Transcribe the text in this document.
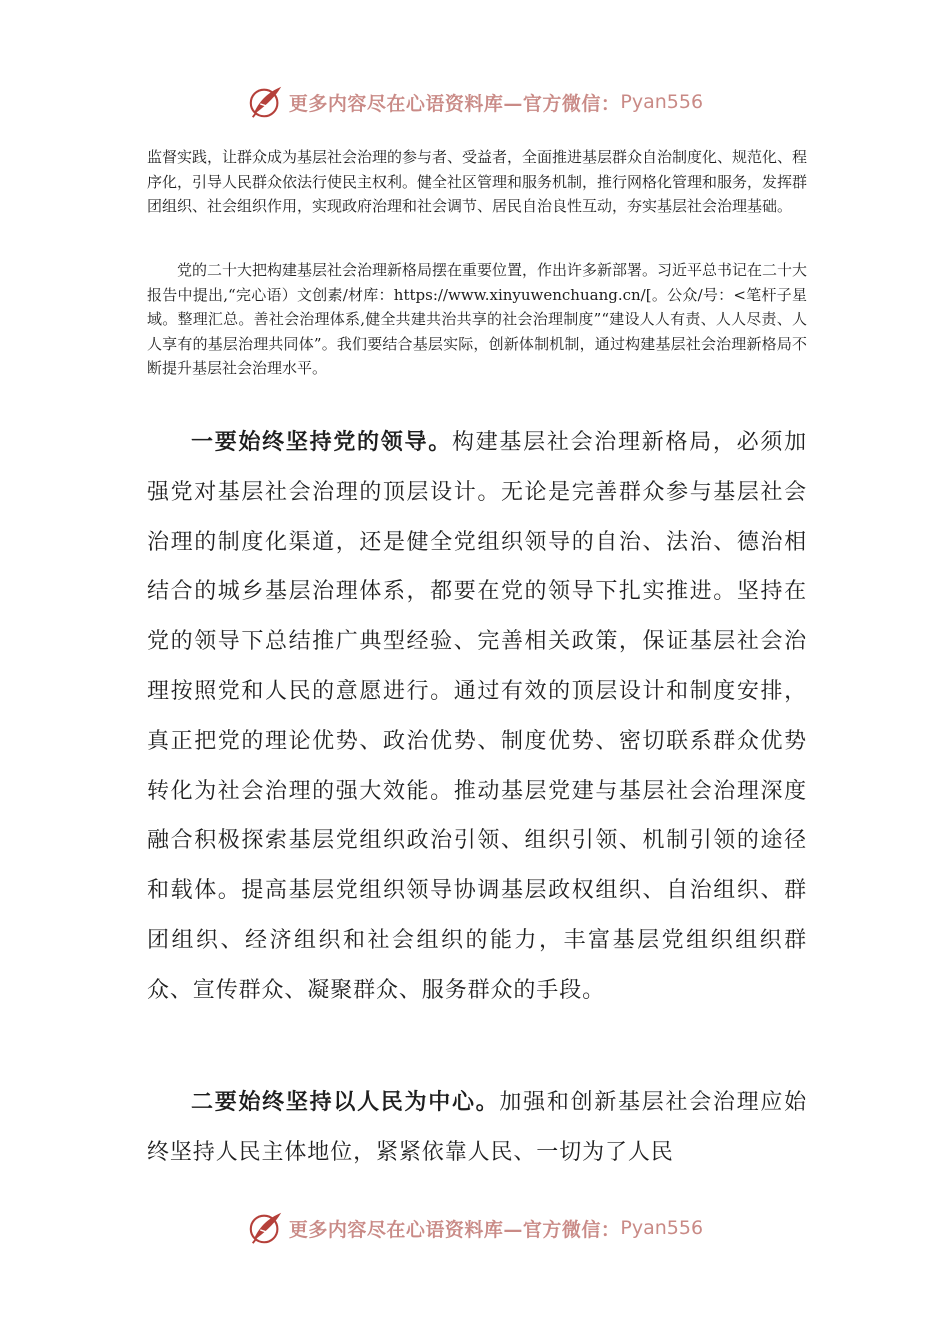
更多内容尽在心语资料库—官方微信： Pyan556

监督实践，让群众成为基层社会治理的参与者、受益者，全面推进基层群众自治制度化、规范化、程序化，引导人民群众依法行使民主权利。健全社区管理和服务机制，推行网格化管理和服务，发挥群团组织、社会组织作用，实现政府治理和社会调节、居民自治良性互动，夯实基层社会治理基础。

党的二十大把构建基层社会治理新格局摆在重要位置，作出许多新部署。习近平总书记在二十大报告中提出,“完心语）文创素/材库：https://www.xinyuwenchuang.cn/[。公众/号：<笔杆子星域。整理汇总。善社会治理体系,健全共建共治共享的社会治理制度”“建设人人有责、人人尽责、人人享有的基层治理共同体”。我们要结合基层实际，创新体制机制，通过构建基层社会治理新格局不断提升基层社会治理水平。

一要始终坚持党的领导。构建基层社会治理新格局，必须加强党对基层社会治理的顶层设计。无论是完善群众参与基层社会治理的制度化渠道，还是健全党组织领导的自治、法治、德治相结合的城乡基层治理体系，都要在党的领导下扎实推进。坚持在党的领导下总结推广典型经验、完善相关政策，保证基层社会治理按照党和人民的意愿进行。通过有效的顶层设计和制度安排，真正把党的理论优势、政治优势、制度优势、密切联系群众优势转化为社会治理的强大效能。推动基层党建与基层社会治理深度融合积极探索基层党组织政治引领、组织引领、机制引领的途径和载体。提高基层党组织领导协调基层政权组织、自治组织、群团组织、经济组织和社会组织的能力，丰富基层党组织组织群众、宣传群众、凝聚群众、服务群众的手段。

二要始终坚持以人民为中心。加强和创新基层社会治理应始终坚持人民主体地位，紧紧依靠人民、一切为了人民

更多内容尽在心语资料库—官方微信： Pyan556
